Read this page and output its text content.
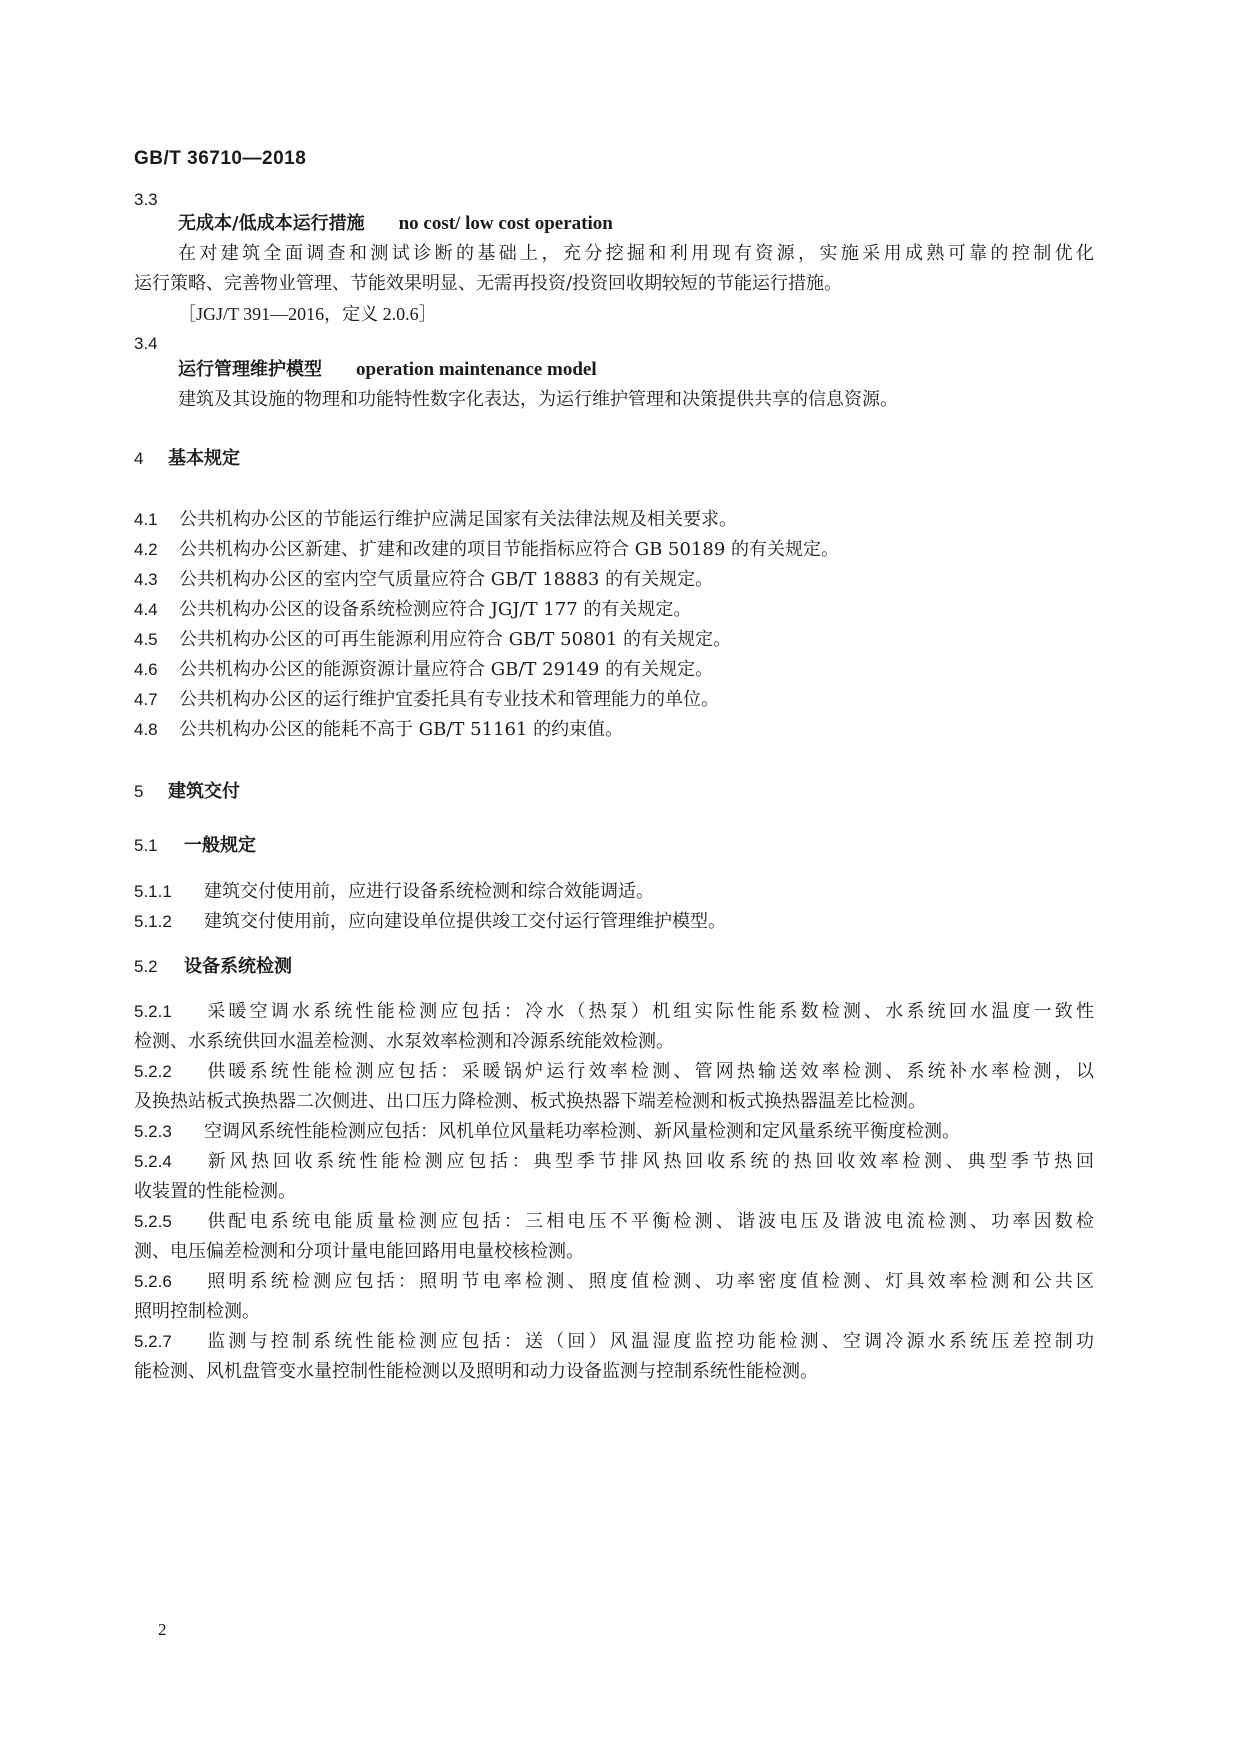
GB/T 36710—2018
3.3
无成本/低成本运行措施 no cost/ low cost operation
在对建筑全面调查和测试诊断的基础上，充分挖掘和利用现有资源，实施采用成熟可靠的控制优化
运行策略、完善物业管理、节能效果明显、无需再投资/投资回收期较短的节能运行措施。
［JGJ/T 391—2016，定义 2.0.6］
3.4
运行管理维护模型 operation maintenance model
建筑及其设施的物理和功能特性数字化表达，为运行维护管理和决策提供共享的信息资源。
4 基本规定
4.1 公共机构办公区的节能运行维护应满足国家有关法律法规及相关要求。
4.2 公共机构办公区新建、扩建和改建的项目节能指标应符合 GB 50189 的有关规定。
4.3 公共机构办公区的室内空气质量应符合 GB/T 18883 的有关规定。
4.4 公共机构办公区的设备系统检测应符合 JGJ/T 177 的有关规定。
4.5 公共机构办公区的可再生能源利用应符合 GB/T 50801 的有关规定。
4.6 公共机构办公区的能源资源计量应符合 GB/T 29149 的有关规定。
4.7 公共机构办公区的运行维护宜委托具有专业技术和管理能力的单位。
4.8 公共机构办公区的能耗不高于 GB/T 51161 的约束值。
5 建筑交付
5.1 一般规定
5.1.1 建筑交付使用前，应进行设备系统检测和综合效能调适。
5.1.2 建筑交付使用前，应向建设单位提供竣工交付运行管理维护模型。
5.2 设备系统检测
5.2.1 采暖空调水系统性能检测应包括：冷水（热泵）机组实际性能系数检测、水系统回水温度一致性
检测、水系统供回水温差检测、水泵效率检测和冷源系统能效检测。
5.2.2 供暖系统性能检测应包括：采暖锅炉运行效率检测、管网热输送效率检测、系统补水率检测，以
及换热站板式换热器二次侧进、出口压力降检测、板式换热器下端差检测和板式换热器温差比检测。
5.2.3 空调风系统性能检测应包括：风机单位风量耗功率检测、新风量检测和定风量系统平衡度检测。
5.2.4 新风热回收系统性能检测应包括：典型季节排风热回收系统的热回收效率检测、典型季节热回
收装置的性能检测。
5.2.5 供配电系统电能质量检测应包括：三相电压不平衡检测、谐波电压及谐波电流检测、功率因数检
测、电压偏差检测和分项计量电能回路用电量校核检测。
5.2.6 照明系统检测应包括：照明节电率检测、照度值检测、功率密度值检测、灯具效率检测和公共区
照明控制检测。
5.2.7 监测与控制系统性能检测应包括：送（回）风温湿度监控功能检测、空调冷源水系统压差控制功
能检测、风机盘管变水量控制性能检测以及照明和动力设备监测与控制系统性能检测。
2
